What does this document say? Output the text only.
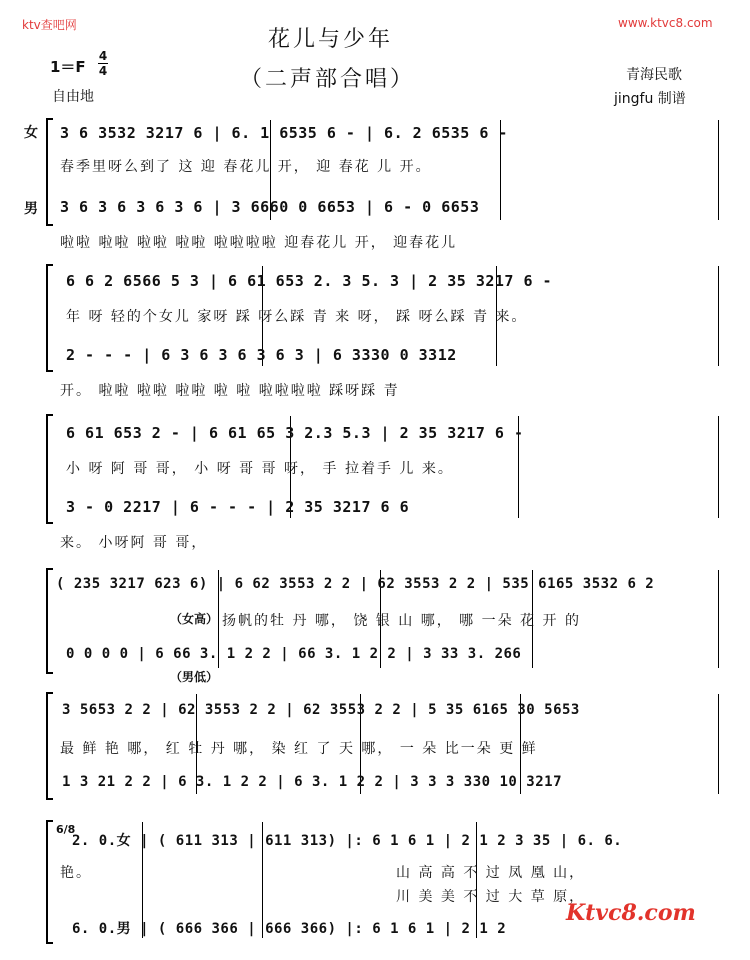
ktv查吧网	www.ktvc8.com
花儿与少年
（二声部合唱）
1＝F
4
4
自由地
青海民歌
jingfu 制谱
女
男
3 6 3532 3217 6 | 6. 1 6535 6 - | 6. 2 6535 6 -
春季里呀么到了 这 迎 春花儿 开， 迎 春花 儿 开。
3 6 3 6 3 6 3 6 | 3 6660 0 6653 | 6 - 0 6653
啦啦 啦啦 啦啦 啦啦 啦啦啦啦 迎春花儿 开， 迎春花儿
6 6 2 6566 5 3 | 6 61 653 2. 3 5. 3 | 2 35 3217 6 -
年 呀 轻的个女儿 家呀 踩 呀么踩 青 来 呀， 踩 呀么踩 青 来。
2 - - - | 6 3 6 3 6 3 6 3 | 6 3330 0 3312
开。 啦啦 啦啦 啦啦 啦 啦 啦啦啦啦 踩呀踩 青
6 61 653 2 - | 6 61 65 3 2.3 5.3 | 2 35 3217 6 -
小 呀 阿 哥 哥， 小 呀 哥 哥 呀， 手 拉着手 儿 来。
3 - 0 2217 | 6 - - - | 2 35 3217 6 6
来。 小呀阿 哥 哥，
( 235 3217 623 6) | 6 62 3553 2 2 | 62 3553 2 2 | 535 6165 3532 6 2
（女高） 扬帆的牡 丹 哪， 饶 银 山 哪， 哪 一朵 花 开 的
0 0 0 0 | 6 66 3. 1 2 2 | 66 3. 1 2 2 | 3 33 3. 266
（男低）
3 5653 2 2 | 62 3553 2 2 | 62 3553 2 2 | 5 35 6165 30 5653
最 鲜 艳 哪， 红 牡 丹 哪， 染 红 了 天 哪， 一 朵 比一朵 更 鲜
1 3 21 2 2 | 6 3. 1 2 2 | 6 3. 1 2 2 | 3 3 3 330 10 3217
6/8
2. 0.女 | ( 611 313 | 611 313) |: 6 1 6 1 | 2 1 2 3 35 | 6. 6.
艳。	山 高 高 不 过 凤 凰 山，
川 美 美 不 过 大 草 原，
6. 0.男 | ( 666 366 | 666 366) |: 6 1 6 1 | 2 1 2
Ktvc8.com
